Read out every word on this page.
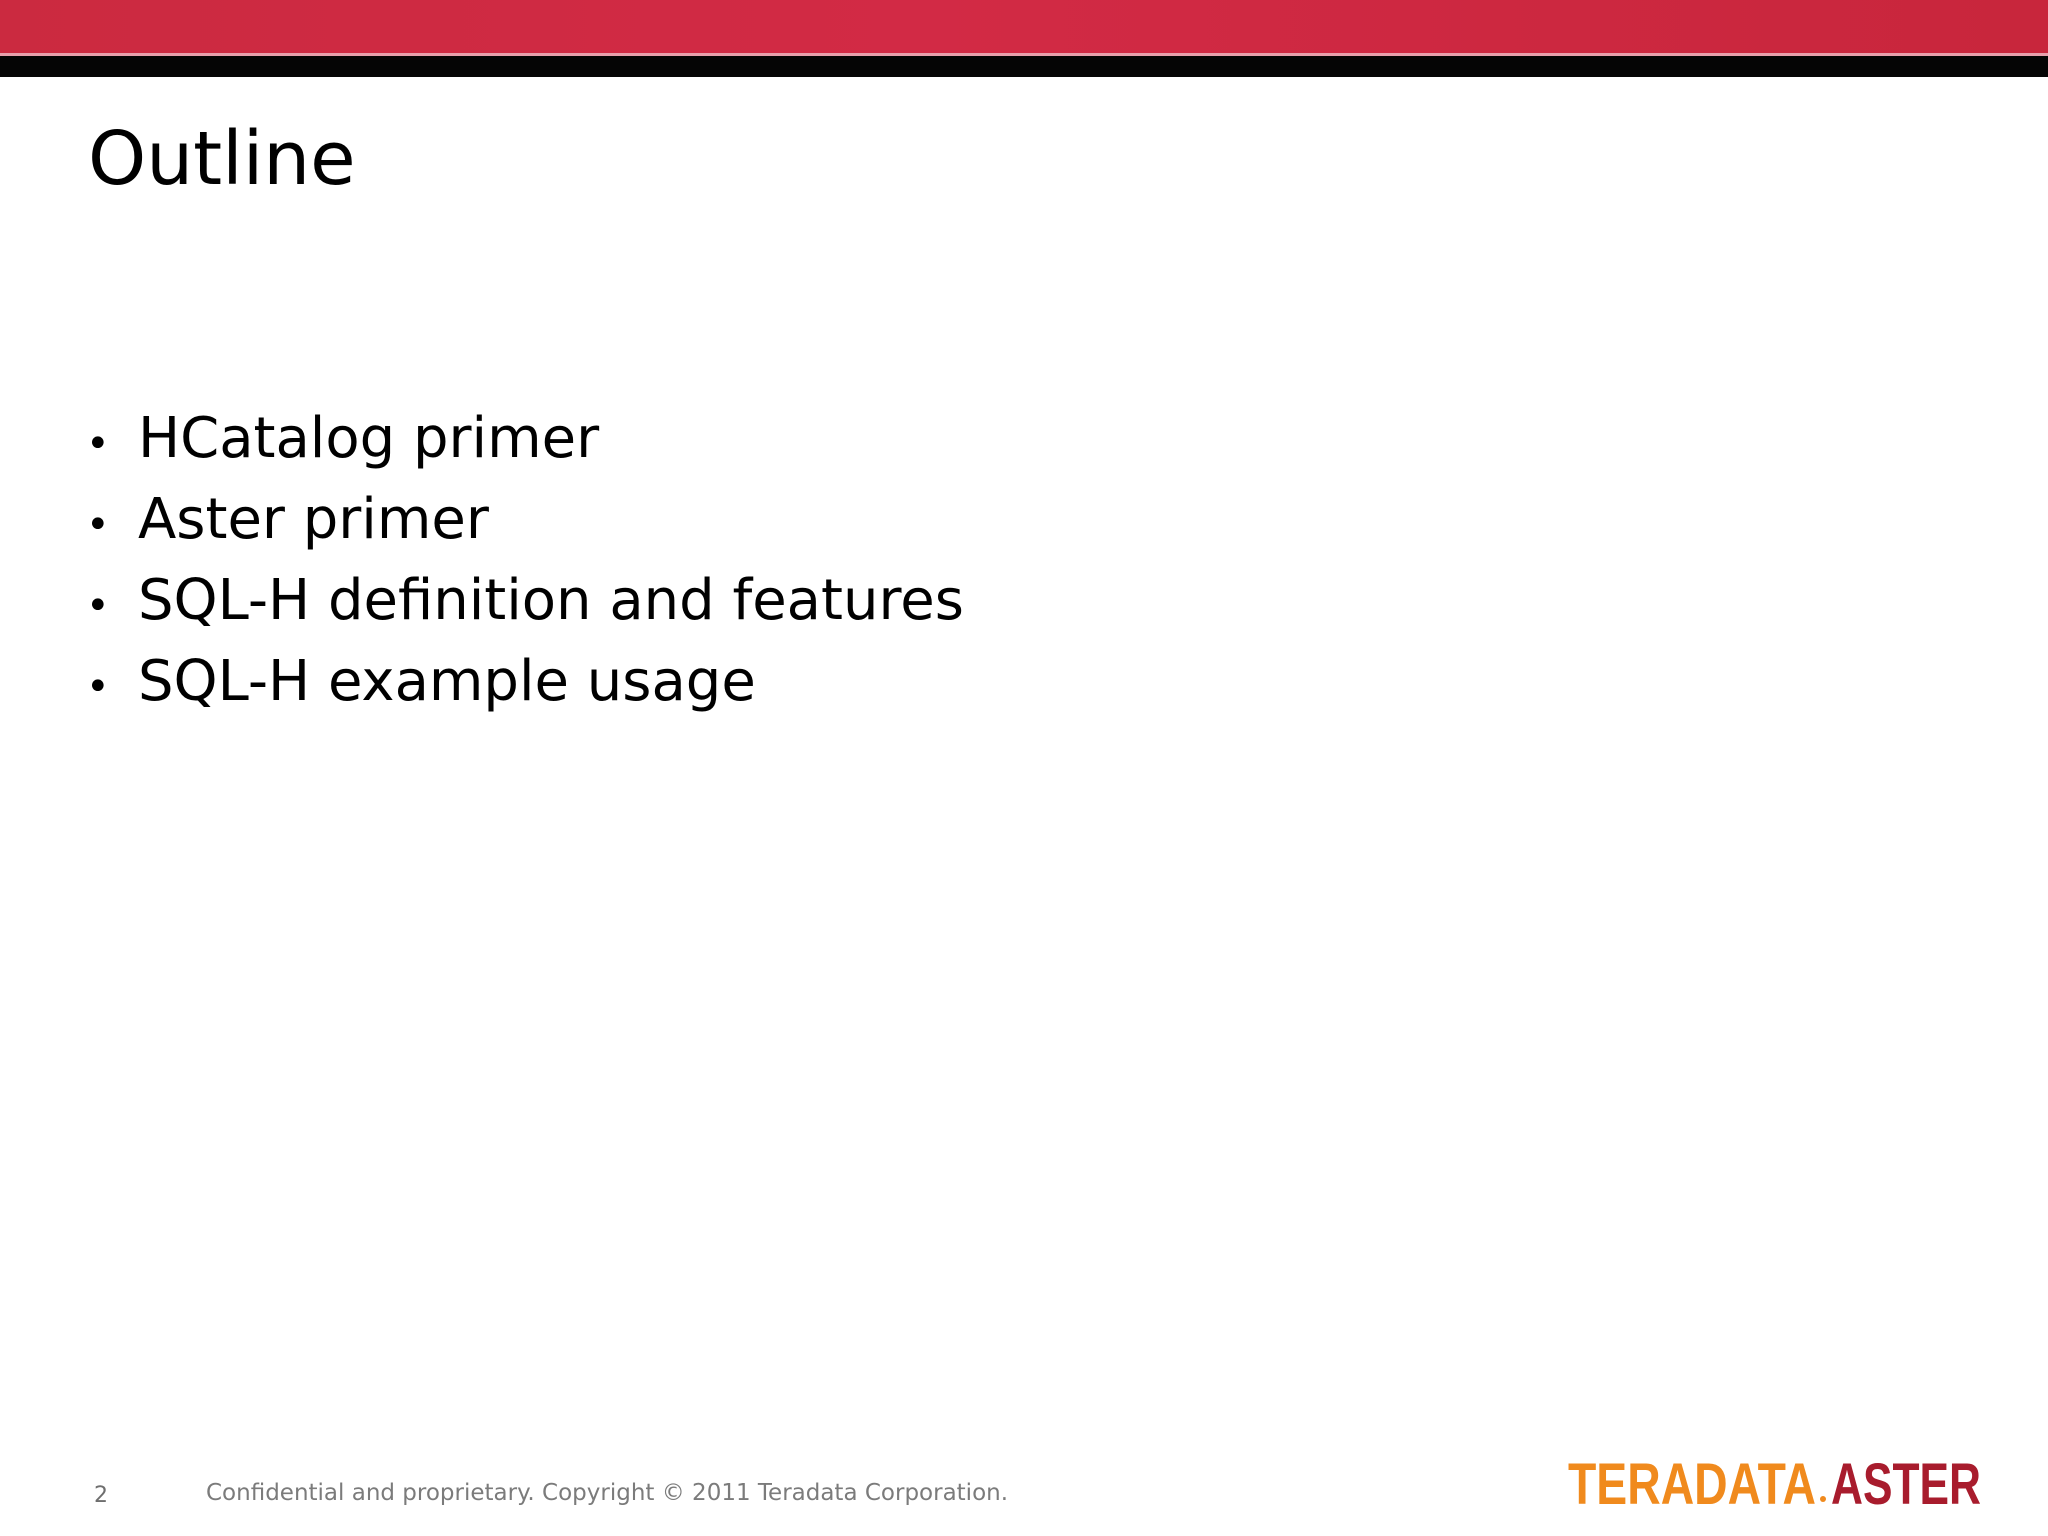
Outline
• HCatalog primer
• Aster primer
• SQL-H definition and features
• SQL-H example usage
2	Confidential and proprietary. Copyright © 2011 Teradata Corporation.	TERADATA ASTER
